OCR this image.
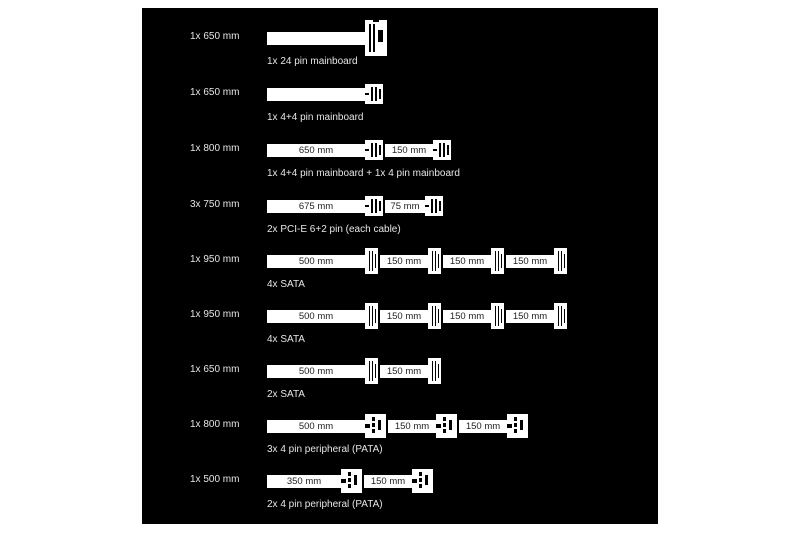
1x 650 mm
1x 24 pin mainboard
1x 650 mm
1x 4+4 pin mainboard
1x 800 mm	650 mm	150 mm
1x 4+4 pin mainboard + 1x 4 pin mainboard
3x 750 mm	675 mm	75 mm
2x PCI-E 6+2 pin (each cable)
1x 950 mm	500 mm	150 mm	150 mm	150 mm
4x SATA
1x 950 mm	500 mm	150 mm	150 mm	150 mm
4x SATA
1x 650 mm	500 mm	150 mm
2x SATA
1x 800 mm	500 mm	150 mm	150 mm
3x 4 pin peripheral (PATA)
1x 500 mm	350 mm	150 mm
2x 4 pin peripheral (PATA)
